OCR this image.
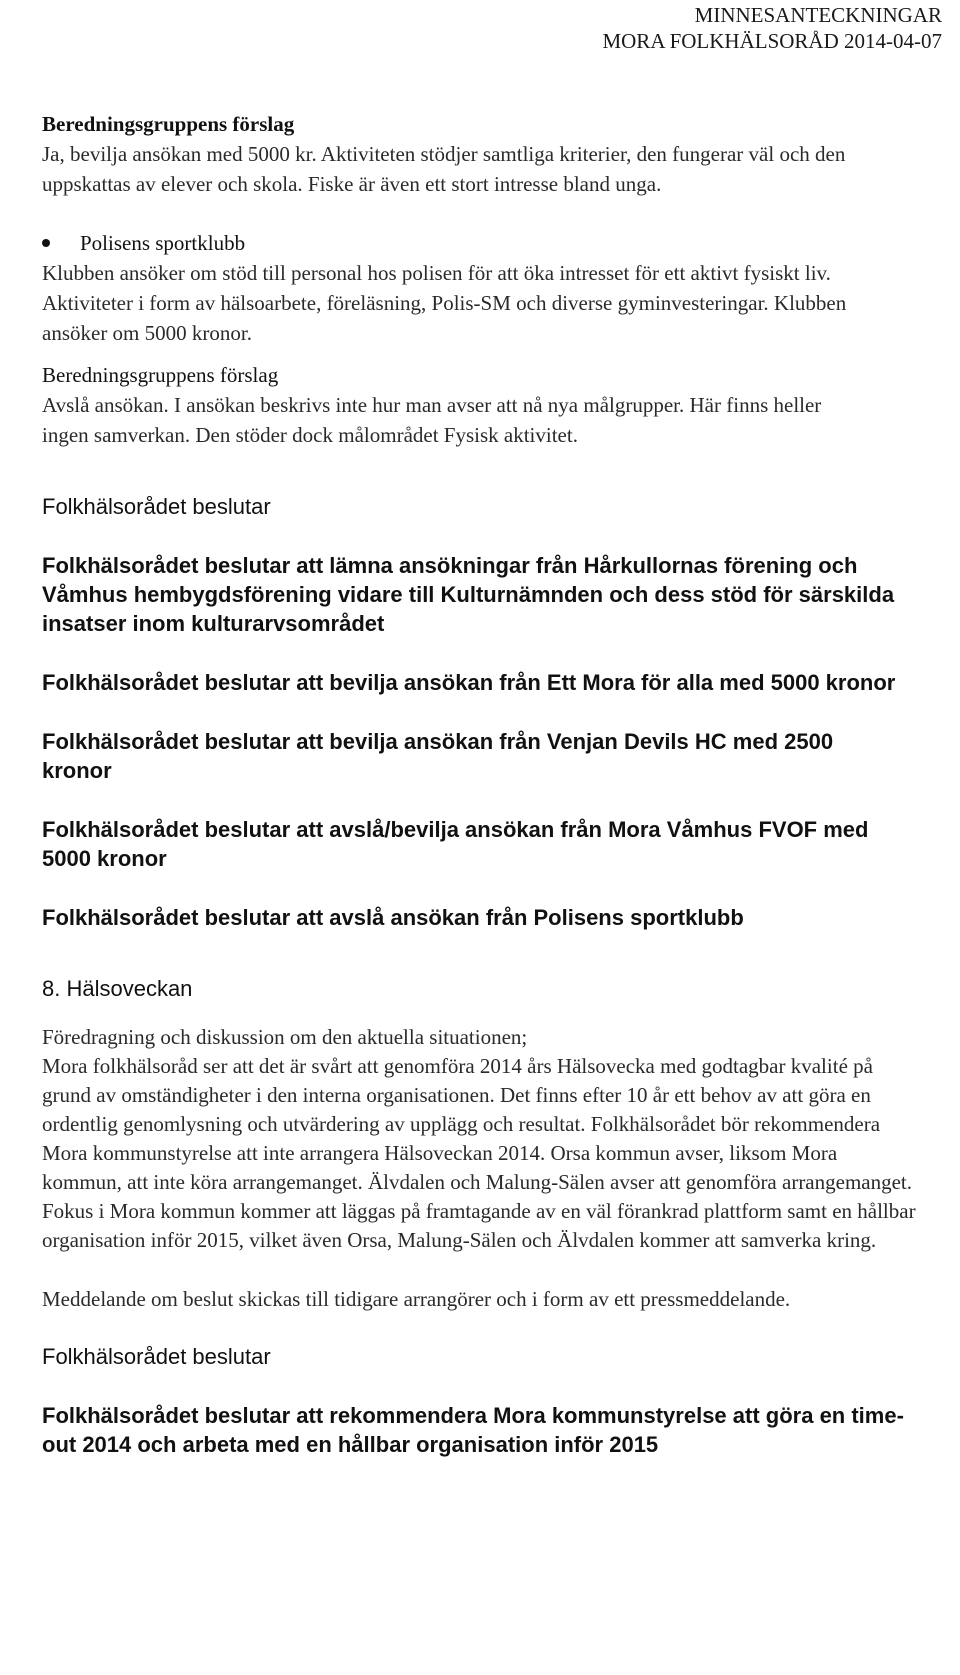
MINNESANTECKNINGAR
MORA FOLKHÄLSORÅD 2014-04-07

Beredningsgruppens förslag

Ja, bevilja ansökan med 5000 kr. Aktiviteten stödjer samtliga kriterier, den fungerar väl och den uppskattas av elever och skola. Fiske är även ett stort intresse bland unga.

Polisens sportklubb

Klubben ansöker om stöd till personal hos polisen för att öka intresset för ett aktivt fysiskt liv. Aktiviteter i form av hälsoarbete, föreläsning, Polis-SM och diverse gyminvesteringar. Klubben ansöker om 5000 kronor.

Beredningsgruppens förslag

Avslå ansökan. I ansökan beskrivs inte hur man avser att nå nya målgrupper. Här finns heller ingen samverkan. Den stöder dock målområdet Fysisk aktivitet.

Folkhälsorådet beslutar

Folkhälsorådet beslutar att lämna ansökningar från Hårkullornas förening och Våmhus hembygdsförening vidare till Kulturnämnden och dess stöd för särskilda insatser inom kulturarvsområdet

Folkhälsorådet beslutar att bevilja ansökan från Ett Mora för alla med 5000 kronor

Folkhälsorådet beslutar att bevilja ansökan från Venjan Devils HC med 2500 kronor

Folkhälsorådet beslutar att avslå/bevilja ansökan från Mora Våmhus FVOF med 5000 kronor

Folkhälsorådet beslutar att avslå ansökan från Polisens sportklubb

8. Hälsoveckan

Föredragning och diskussion om den aktuella situationen;

Mora folkhälsoråd ser att det är svårt att genomföra 2014 års Hälsovecka med godtagbar kvalité på grund av omständigheter i den interna organisationen. Det finns efter 10 år ett behov av att göra en ordentlig genomlysning och utvärdering av upplägg och resultat. Folkhälsorådet bör rekommendera Mora kommunstyrelse att inte arrangera Hälsoveckan 2014. Orsa kommun avser, liksom Mora kommun, att inte köra arrangemanget. Älvdalen och Malung-Sälen avser att genomföra arrangemanget. Fokus i Mora kommun kommer att läggas på framtagande av en väl förankrad plattform samt en hållbar organisation inför 2015, vilket även Orsa, Malung-Sälen och Älvdalen kommer att samverka kring.

Meddelande om beslut skickas till tidigare arrangörer och i form av ett pressmeddelande.

Folkhälsorådet beslutar

Folkhälsorådet beslutar att rekommendera Mora kommunstyrelse att göra en time-out 2014 och arbeta med en hållbar organisation inför 2015
